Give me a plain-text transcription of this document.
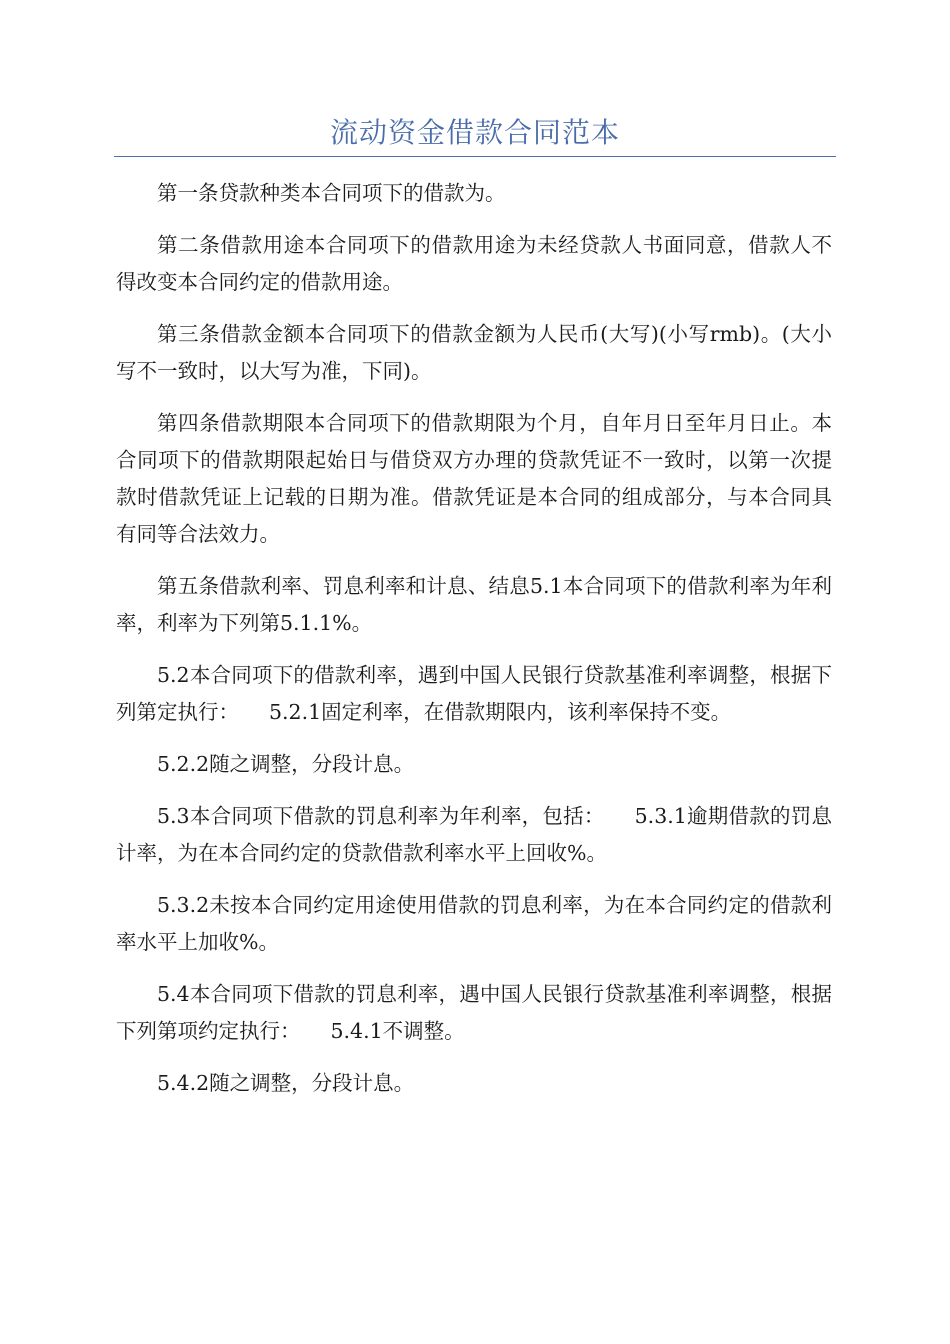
流动资金借款合同范本

第一条贷款种类本合同项下的借款为。

第二条借款用途本合同项下的借款用途为未经贷款人书面同意，借款人不得改变本合同约定的借款用途。

第三条借款金额本合同项下的借款金额为人民币(大写)(小写rmb)。(大小写不一致时，以大写为准，下同)。

第四条借款期限本合同项下的借款期限为个月，自年月日至年月日止。本合同项下的借款期限起始日与借贷双方办理的贷款凭证不一致时，以第一次提款时借款凭证上记载的日期为准。借款凭证是本合同的组成部分，与本合同具有同等合法效力。

第五条借款利率、罚息利率和计息、结息5.1本合同项下的借款利率为年利率，利率为下列第5.1.1%。

5.2本合同项下的借款利率，遇到中国人民银行贷款基准利率调整，根据下列第定执行： 5.2.1固定利率，在借款期限内，该利率保持不变。

5.2.2随之调整，分段计息。

5.3本合同项下借款的罚息利率为年利率，包括： 5.3.1逾期借款的罚息计率，为在本合同约定的贷款借款利率水平上回收%。

5.3.2未按本合同约定用途使用借款的罚息利率，为在本合同约定的借款利率水平上加收%。

5.4本合同项下借款的罚息利率，遇中国人民银行贷款基准利率调整，根据下列第项约定执行： 5.4.1不调整。

5.4.2随之调整，分段计息。
